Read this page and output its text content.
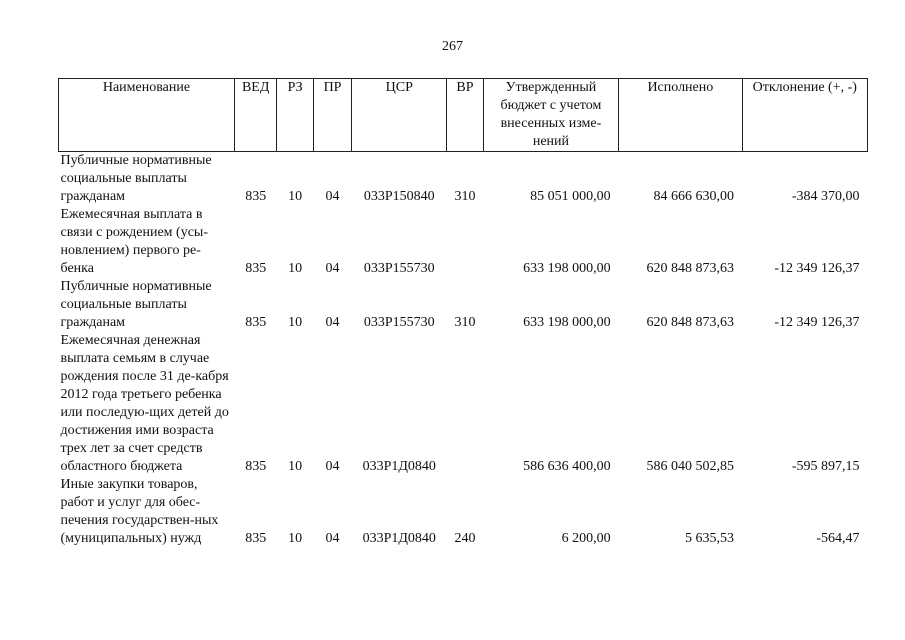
267
Наименование	ВЕД	РЗ	ПР	ЦСР	ВР	Утвержденный бюджет с учетом внесенных изме-нений	Исполнено	Отклонение (+, -)
Публичные нормативные социальные выплаты гражданам	835	10	04	033P150840	310	85 051 000,00	84 666 630,00	-384 370,00
Ежемесячная выплата в связи с рождением (усы-новлением) первого ре-бенка	835	10	04	033P155730		633 198 000,00	620 848 873,63	-12 349 126,37
Публичные нормативные социальные выплаты гражданам	835	10	04	033P155730	310	633 198 000,00	620 848 873,63	-12 349 126,37
Ежемесячная денежная выплата семьям в случае рождения после 31 де-кабря 2012 года третьего ребенка или последую-щих детей до достижения ими возраста трех лет за счет средств областного бюджета	835	10	04	033P1Д0840		586 636 400,00	586 040 502,85	-595 897,15
Иные закупки товаров, работ и услуг для обес-печения государствен-ных (муниципальных) нужд	835	10	04	033P1Д0840	240	6 200,00	5 635,53	-564,47
